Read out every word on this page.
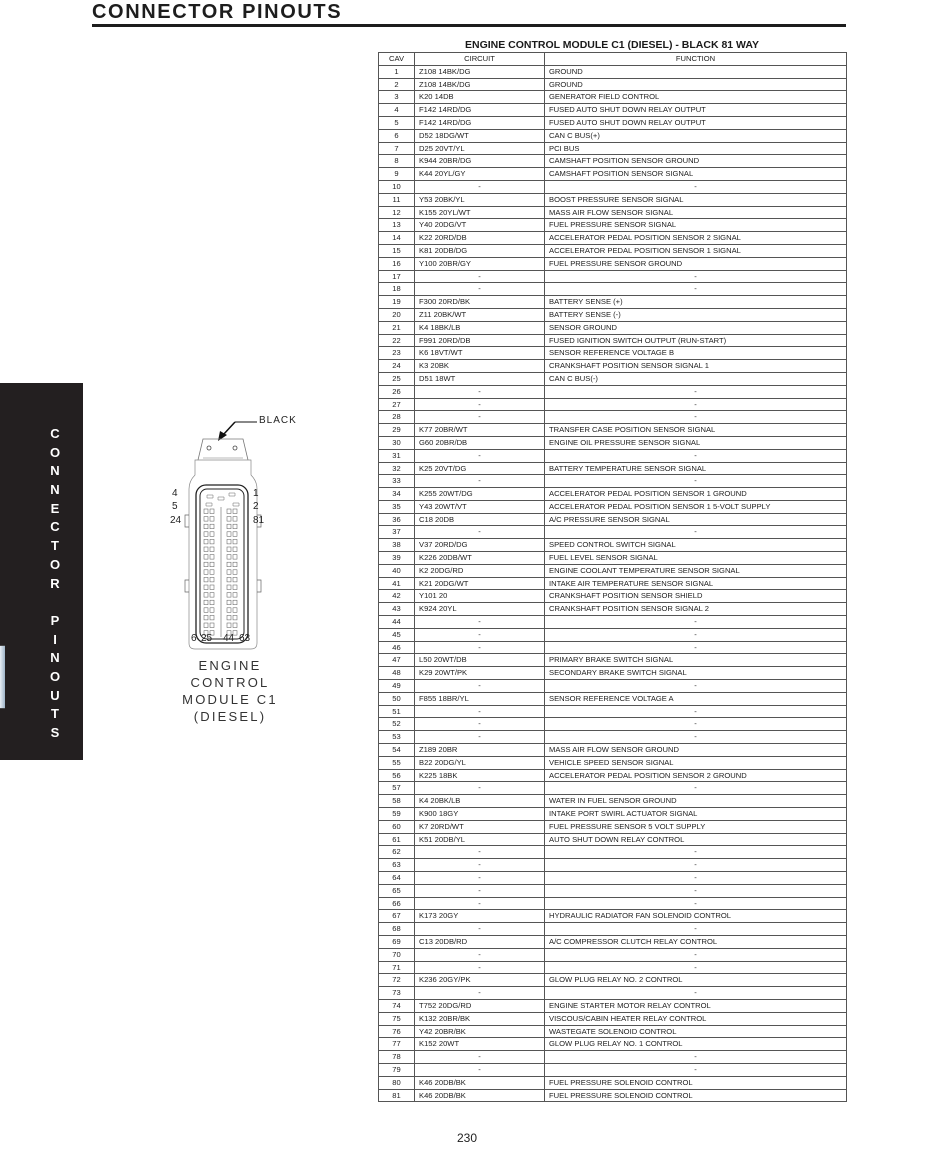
CONNECTOR PINOUTS
C
O
N
N
E
C
T
O
R

P
I
N
O
U
T
S
BLACK
4
5
24
1
2
81
6 25 44 63
ENGINE
CONTROL
MODULE C1
(DIESEL)
ENGINE CONTROL MODULE C1 (DIESEL) - BLACK 81 WAY
CAV	CIRCUIT	FUNCTION
1	Z108 14BK/DG	GROUND
2	Z108 14BK/DG	GROUND
3	K20 14DB	GENERATOR FIELD CONTROL
4	F142 14RD/DG	FUSED AUTO SHUT DOWN RELAY OUTPUT
5	F142 14RD/DG	FUSED AUTO SHUT DOWN RELAY OUTPUT
6	D52 18DG/WT	CAN C BUS(+)
7	D25 20VT/YL	PCI BUS
8	K944 20BR/DG	CAMSHAFT POSITION SENSOR GROUND
9	K44 20YL/GY	CAMSHAFT POSITION SENSOR SIGNAL
10	-	-
11	Y53 20BK/YL	BOOST PRESSURE SENSOR SIGNAL
12	K155 20YL/WT	MASS AIR FLOW SENSOR SIGNAL
13	Y40 20DG/VT	FUEL PRESSURE SENSOR SIGNAL
14	K22 20RD/DB	ACCELERATOR PEDAL POSITION SENSOR 2 SIGNAL
15	K81 20DB/DG	ACCELERATOR PEDAL POSITION SENSOR 1 SIGNAL
16	Y100 20BR/GY	FUEL PRESSURE SENSOR GROUND
17	-	-
18	-	-
19	F300 20RD/BK	BATTERY SENSE (+)
20	Z11 20BK/WT	BATTERY SENSE (-)
21	K4 18BK/LB	SENSOR GROUND
22	F991 20RD/DB	FUSED IGNITION SWITCH OUTPUT (RUN-START)
23	K6 18VT/WT	SENSOR REFERENCE VOLTAGE B
24	K3 20BK	CRANKSHAFT POSITION SENSOR SIGNAL 1
25	D51 18WT	CAN C BUS(-)
26	-	-
27	-	-
28	-	-
29	K77 20BR/WT	TRANSFER CASE POSITION SENSOR SIGNAL
30	G60 20BR/DB	ENGINE OIL PRESSURE SENSOR SIGNAL
31	-	-
32	K25 20VT/DG	BATTERY TEMPERATURE SENSOR SIGNAL
33	-	-
34	K255 20WT/DG	ACCELERATOR PEDAL POSITION SENSOR 1 GROUND
35	Y43 20WT/VT	ACCELERATOR PEDAL POSITION SENSOR 1 5-VOLT SUPPLY
36	C18 20DB	A/C PRESSURE SENSOR SIGNAL
37	-	-
38	V37 20RD/DG	SPEED CONTROL SWITCH SIGNAL
39	K226 20DB/WT	FUEL LEVEL SENSOR SIGNAL
40	K2 20DG/RD	ENGINE COOLANT TEMPERATURE SENSOR SIGNAL
41	K21 20DG/WT	INTAKE AIR TEMPERATURE SENSOR SIGNAL
42	Y101 20	CRANKSHAFT POSITION SENSOR SHIELD
43	K924 20YL	CRANKSHAFT POSITION SENSOR SIGNAL 2
44	-	-
45	-	-
46	-	-
47	L50 20WT/DB	PRIMARY BRAKE SWITCH SIGNAL
48	K29 20WT/PK	SECONDARY BRAKE SWITCH SIGNAL
49	-	-
50	F855 18BR/YL	SENSOR REFERENCE VOLTAGE A
51	-	-
52	-	-
53	-	-
54	Z189 20BR	MASS AIR FLOW SENSOR GROUND
55	B22 20DG/YL	VEHICLE SPEED SENSOR SIGNAL
56	K225 18BK	ACCELERATOR PEDAL POSITION SENSOR 2 GROUND
57	-	-
58	K4 20BK/LB	WATER IN FUEL SENSOR GROUND
59	K900 18GY	INTAKE PORT SWIRL ACTUATOR SIGNAL
60	K7 20RD/WT	FUEL PRESSURE SENSOR 5 VOLT SUPPLY
61	K51 20DB/YL	AUTO SHUT DOWN RELAY CONTROL
62	-	-
63	-	-
64	-	-
65	-	-
66	-	-
67	K173 20GY	HYDRAULIC RADIATOR FAN SOLENOID CONTROL
68	-	-
69	C13 20DB/RD	A/C COMPRESSOR CLUTCH RELAY CONTROL
70	-	-
71	-	-
72	K236 20GY/PK	GLOW PLUG RELAY NO. 2 CONTROL
73	-	-
74	T752 20DG/RD	ENGINE STARTER MOTOR RELAY CONTROL
75	K132 20BR/BK	VISCOUS/CABIN HEATER RELAY CONTROL
76	Y42 20BR/BK	WASTEGATE SOLENOID CONTROL
77	K152 20WT	GLOW PLUG RELAY NO. 1 CONTROL
78	-	-
79	-	-
80	K46 20DB/BK	FUEL PRESSURE SOLENOID CONTROL
81	K46 20DB/BK	FUEL PRESSURE SOLENOID CONTROL
230
